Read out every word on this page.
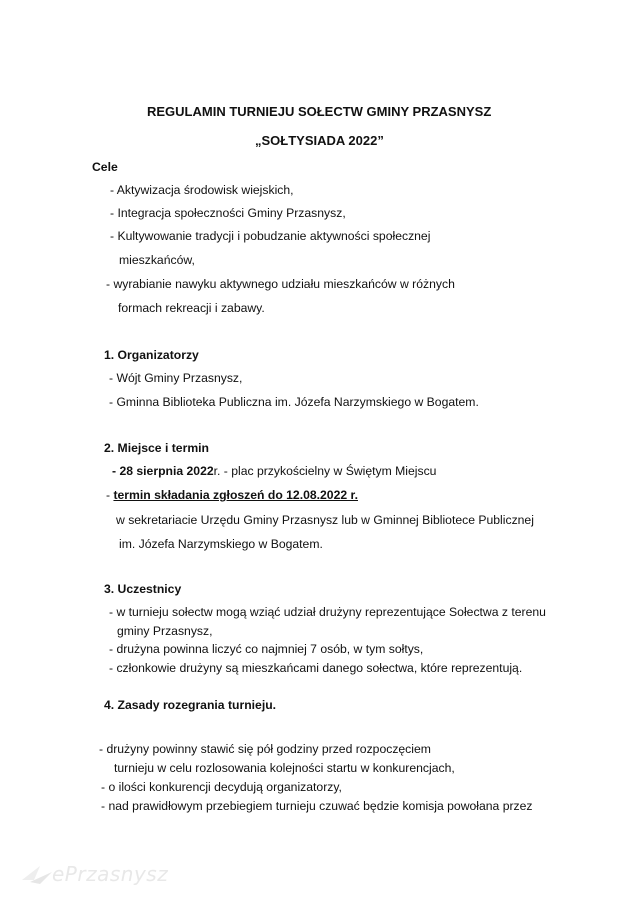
REGULAMIN TURNIEJU SOŁECTW GMINY PRZASNYSZ
„SOŁTYSIADA 2022”
Cele
- Aktywizacja środowisk wiejskich,
- Integracja społeczności Gminy Przasnysz,
- Kultywowanie tradycji i pobudzanie aktywności społecznej
mieszkańców,
- wyrabianie nawyku aktywnego udziału mieszkańców w różnych
formach rekreacji i zabawy.
1. Organizatorzy
- Wójt Gminy Przasnysz,
- Gminna Biblioteka Publiczna im. Józefa Narzymskiego w Bogatem.
2. Miejsce i termin
- 28 sierpnia 2022r. - plac przykościelny w Świętym Miejscu
- termin składania zgłoszeń do 12.08.2022 r.
w sekretariacie Urzędu Gminy Przasnysz lub w Gminnej Bibliotece Publicznej
im. Józefa Narzymskiego w Bogatem.
3. Uczestnicy
- w turnieju sołectw mogą wziąć udział drużyny reprezentujące Sołectwa z terenu
gminy Przasnysz,
- drużyna powinna liczyć co najmniej 7 osób, w tym sołtys,
- członkowie drużyny są mieszkańcami danego sołectwa, które reprezentują.
4. Zasady rozegrania turnieju.
- drużyny powinny stawić się pół godziny przed rozpoczęciem
turnieju w celu rozlosowania kolejności startu w konkurencjach,
- o ilości konkurencji decydują organizatorzy,
- nad prawidłowym przebiegiem turnieju czuwać będzie komisja powołana przez
ePrzasnysz
